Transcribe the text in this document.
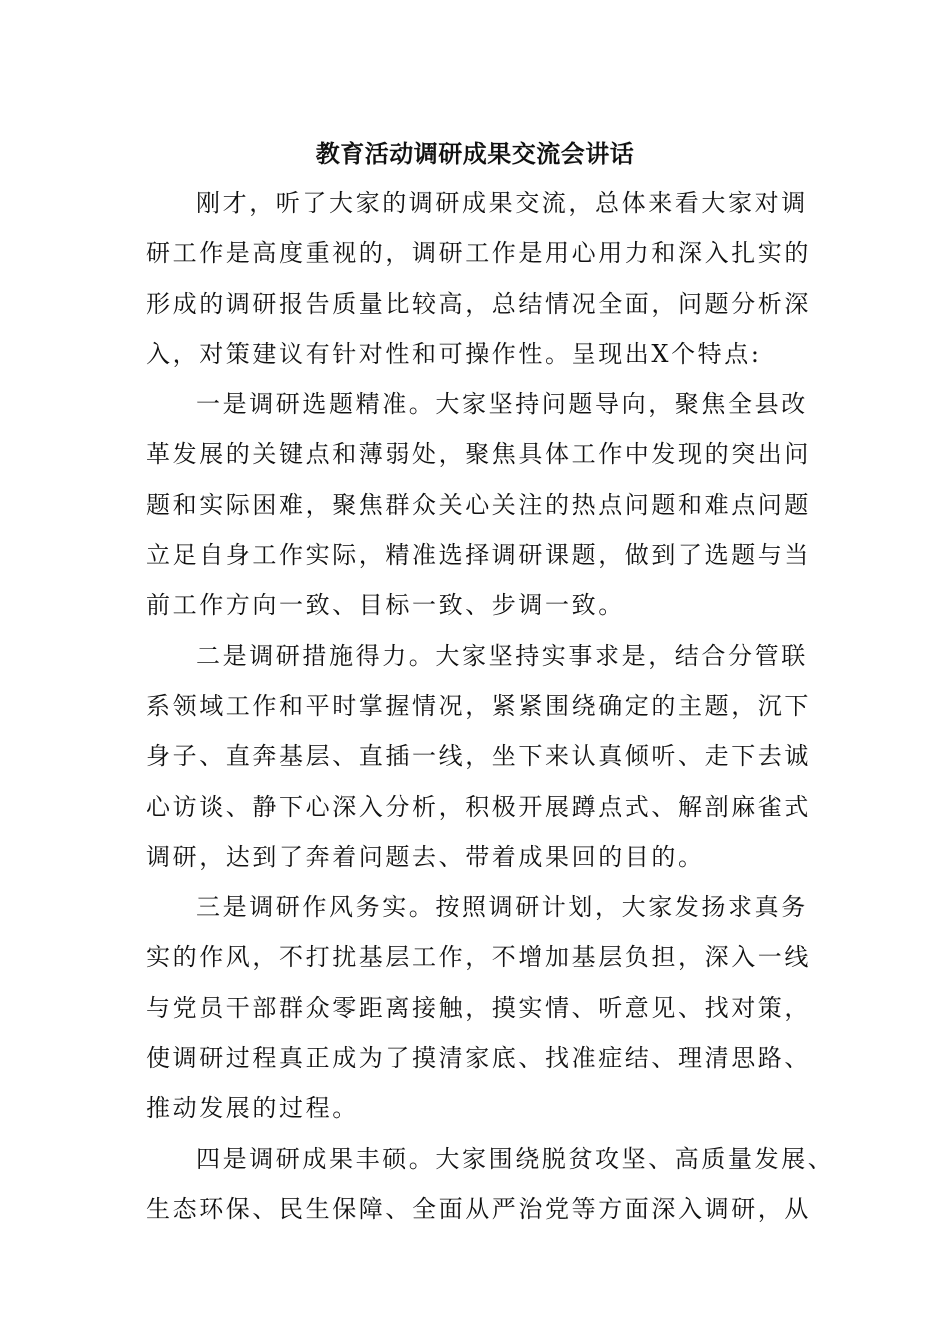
教育活动调研成果交流会讲话
刚才，听了大家的调研成果交流，总体来看大家对调
研工作是高度重视的，调研工作是用心用力和深入扎实的
形成的调研报告质量比较高，总结情况全面，问题分析深
入，对策建议有针对性和可操作性。呈现出X个特点:
一是调研选题精准。大家坚持问题导向，聚焦全县改
革发展的关键点和薄弱处，聚焦具体工作中发现的突出问
题和实际困难，聚焦群众关心关注的热点问题和难点问题
立足自身工作实际，精准选择调研课题，做到了选题与当
前工作方向一致、目标一致、步调一致。
二是调研措施得力。大家坚持实事求是，结合分管联
系领域工作和平时掌握情况，紧紧围绕确定的主题，沉下
身子、直奔基层、直插一线，坐下来认真倾听、走下去诚
心访谈、静下心深入分析，积极开展蹲点式、解剖麻雀式
调研，达到了奔着问题去、带着成果回的目的。
三是调研作风务实。按照调研计划，大家发扬求真务
实的作风，不打扰基层工作，不增加基层负担，深入一线
与党员干部群众零距离接触，摸实情、听意见、找对策，
使调研过程真正成为了摸清家底、找准症结、理清思路、
推动发展的过程。
四是调研成果丰硕。大家围绕脱贫攻坚、高质量发展、
生态环保、民生保障、全面从严治党等方面深入调研，从
